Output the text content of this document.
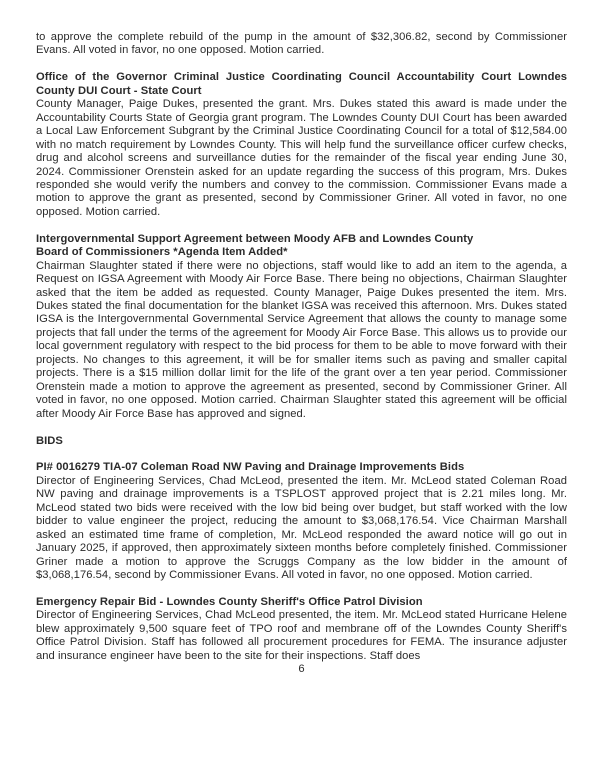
to approve the complete rebuild of the pump in the amount of $32,306.82, second by Commissioner Evans. All voted in favor, no one opposed. Motion carried.

Office of the Governor Criminal Justice Coordinating Council Accountability Court Lowndes County DUI Court - State Court

County Manager, Paige Dukes, presented the grant. Mrs. Dukes stated this award is made under the Accountability Courts State of Georgia grant program. The Lowndes County DUI Court has been awarded a Local Law Enforcement Subgrant by the Criminal Justice Coordinating Council for a total of $12,584.00 with no match requirement by Lowndes County. This will help fund the surveillance officer curfew checks, drug and alcohol screens and surveillance duties for the remainder of the fiscal year ending June 30, 2024. Commissioner Orenstein asked for an update regarding the success of this program, Mrs. Dukes responded she would verify the numbers and convey to the commission. Commissioner Evans made a motion to approve the grant as presented, second by Commissioner Griner. All voted in favor, no one opposed. Motion carried.

Intergovernmental Support Agreement between Moody AFB and Lowndes County
Board of Commissioners *Agenda Item Added*

Chairman Slaughter stated if there were no objections, staff would like to add an item to the agenda, a Request on IGSA Agreement with Moody Air Force Base. There being no objections, Chairman Slaughter asked that the item be added as requested. County Manager, Paige Dukes presented the item. Mrs. Dukes stated the final documentation for the blanket IGSA was received this afternoon. Mrs. Dukes stated IGSA is the Intergovernmental Governmental Service Agreement that allows the county to manage some projects that fall under the terms of the agreement for Moody Air Force Base. This allows us to provide our local government regulatory with respect to the bid process for them to be able to move forward with their projects. No changes to this agreement, it will be for smaller items such as paving and smaller capital projects. There is a $15 million dollar limit for the life of the grant over a ten year period. Commissioner Orenstein made a motion to approve the agreement as presented, second by Commissioner Griner. All voted in favor, no one opposed. Motion carried. Chairman Slaughter stated this agreement will be official after Moody Air Force Base has approved and signed.

BIDS
PI# 0016279 TIA-07 Coleman Road NW Paving and Drainage Improvements Bids

Director of Engineering Services, Chad McLeod, presented the item. Mr. McLeod stated Coleman Road NW paving and drainage improvements is a TSPLOST approved project that is 2.21 miles long. Mr. McLeod stated two bids were received with the low bid being over budget, but staff worked with the low bidder to value engineer the project, reducing the amount to $3,068,176.54. Vice Chairman Marshall asked an estimated time frame of completion, Mr. McLeod responded the award notice will go out in January 2025, if approved, then approximately sixteen months before completely finished. Commissioner Griner made a motion to approve the Scruggs Company as the low bidder in the amount of $3,068,176.54, second by Commissioner Evans. All voted in favor, no one opposed. Motion carried.

Emergency Repair Bid - Lowndes County Sheriff's Office Patrol Division

Director of Engineering Services, Chad McLeod presented, the item. Mr. McLeod stated Hurricane Helene blew approximately 9,500 square feet of TPO roof and membrane off of the Lowndes County Sheriff's Office Patrol Division. Staff has followed all procurement procedures for FEMA. The insurance adjuster and insurance engineer have been to the site for their inspections. Staff does

6
